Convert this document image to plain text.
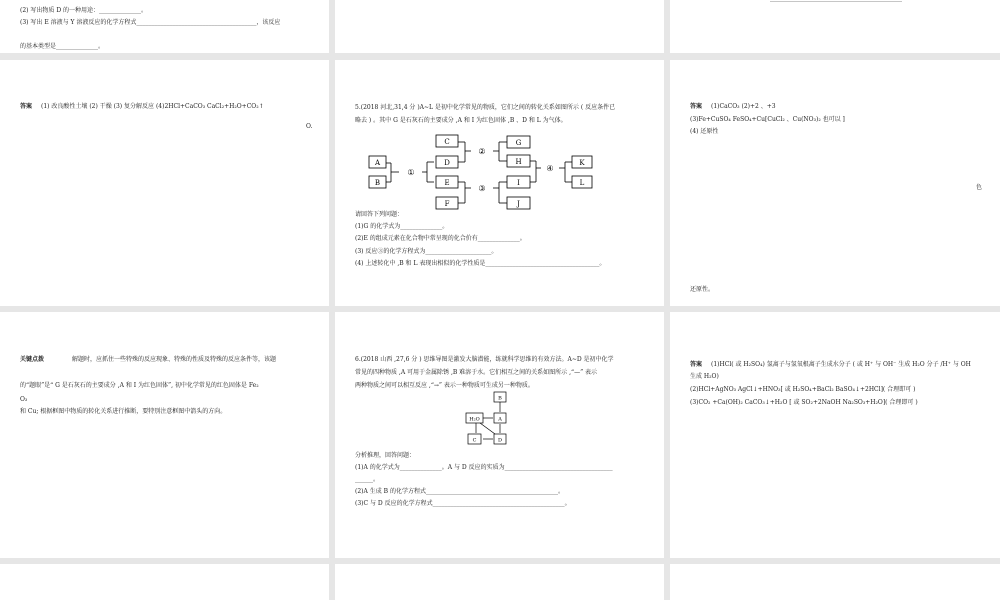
(2) 写出物质 D 的一种用途：______________。

(3) 写出 E 溶液与 Y 溶液反应的化学方程式________________________________________，该反应

的基本类型是______________。

答案 (1) 改良酸性土壤 (2) 干燥 (3) 复分解反应 (4)2HCl+CaCO₃ CaCl₂+H₂O+CO₂↑

O.

5.(2018 河北,31,4 分 )A~L 是初中化学常见的物质，它们之间的转化关系如图所示 ( 反应条件已

略去 ) 。其中 G 是石灰石的主要成分 ,A 和 I 为红色固体 ,B 、D 和 L 为气体。

A
B
C
D
E
F
G
H
I
J
K
L
①
②
③
④

请回答下列问题：

(1)G 的化学式为______________。

(2)E 的组成元素在化合物中常呈现的化合价有______________。

(3) 反应③的化学方程式为______________________。

(4) 上述转化中 ,B 和 L 表现出相似的化学性质是______________________________________。

答案 (1)CaCO₃ (2)+2 、+3

(3)Fe+CuSO₄ FeSO₄+Cu[CuCl₂ 、Cu(NO₃)₂ 也可以 ]

(4) 还原性

色

还原性。

关键点拨	解题时，应抓住一些特殊的反应现象、特殊的性质及特殊的反应条件等，该题

的“题眼”是“ G 是石灰石的主要成分 ,A 和 I 为红色固体”, 初中化学常见的红色固体是 Fe₂

O₃

和 Cu; 根据框图中物质的转化关系进行推断，要特别注意框图中箭头的方向。

6.(2018 山西 ,27,6 分 ) 思维导图是激发大脑潜能，练就科学思维的有效方法。A~D 是初中化学

常见的四种物质 ,A 可用于金属除锈 ,B 难溶于水。它们相互之间的关系如图所示 ,“—” 表示

两种物质之间可以相互反应 ,“→” 表示一种物质可生成另一种物质。

B
H₂O	A
C	D

分析推理，回答问题：

(1)A 的化学式为______________。A 与 D 反应的实质为____________________________________

______。

(2)A 生成 B 的化学方程式____________________________________________。

(3)C 与 D 反应的化学方程式____________________________________________。

答案 (1)HCl( 或 H₂SO₄) 氢离子与氢氧根离子生成水分子 ( 或 H⁺ 与 OH⁻ 生成 H₂O 分子 /H⁺ 与 OH

生成 H₂O)

(2)HCl+AgNO₃ AgCl↓+HNO₃[ 或 H₂SO₄+BaCl₂ BaSO₄↓+2HCl]( 合理即可 )

(3)CO₂ +Ca(OH)₂ CaCO₃↓+H₂O [ 或 SO₂+2NaOH Na₂SO₃+H₂O]( 合理即可 )
